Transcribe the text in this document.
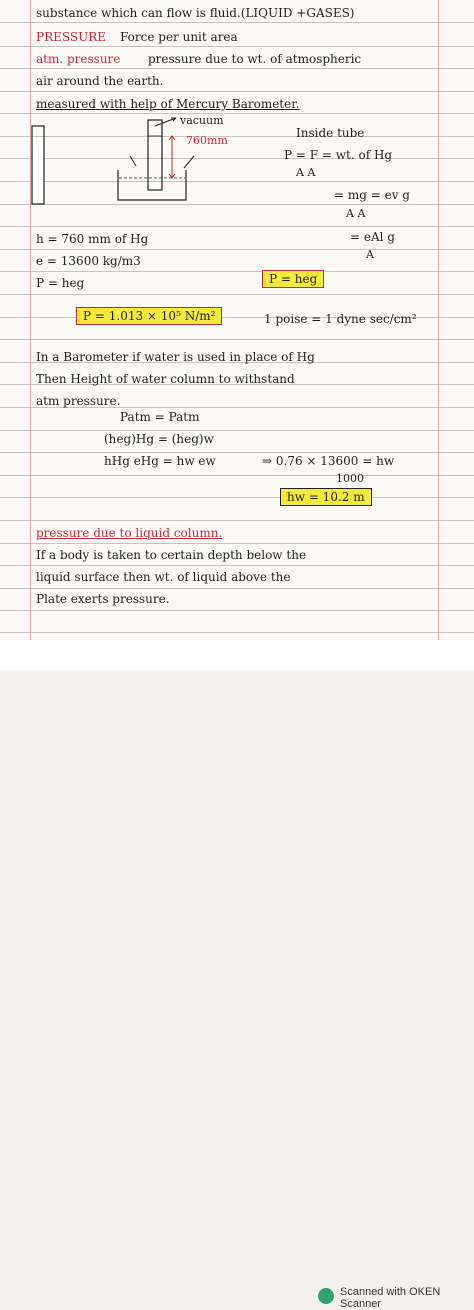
substance which can flow is fluid.(LIQUID +GASES)
PRESSURE Force per unit area
atm. pressure pressure due to wt. of atmospheric
air around the earth.
measured with help of Mercury Barometer.
vacuum
760mm
Inside tube
P = F = wt. of Hg
A A
= mg = ev g
A A
= eAl g
A
h = 760 mm of Hg
e = 13600 kg/m3
P = heg	P = heg
P = 1.013 × 10⁵ N/m²	1 poise = 1 dyne sec/cm²
In a Barometer if water is used in place of Hg
Then Height of water column to withstand
atm pressure.
Patm = Patm
(heg)Hg = (heg)w
hHg eHg = hw ew	⇒ 0.76 × 13600 = hw
1000
hw = 10.2 m
pressure due to liquid column.
If a body is taken to certain depth below the
liquid surface then wt. of liquid above the
Plate exerts pressure.
Scanned with OKEN Scanner
